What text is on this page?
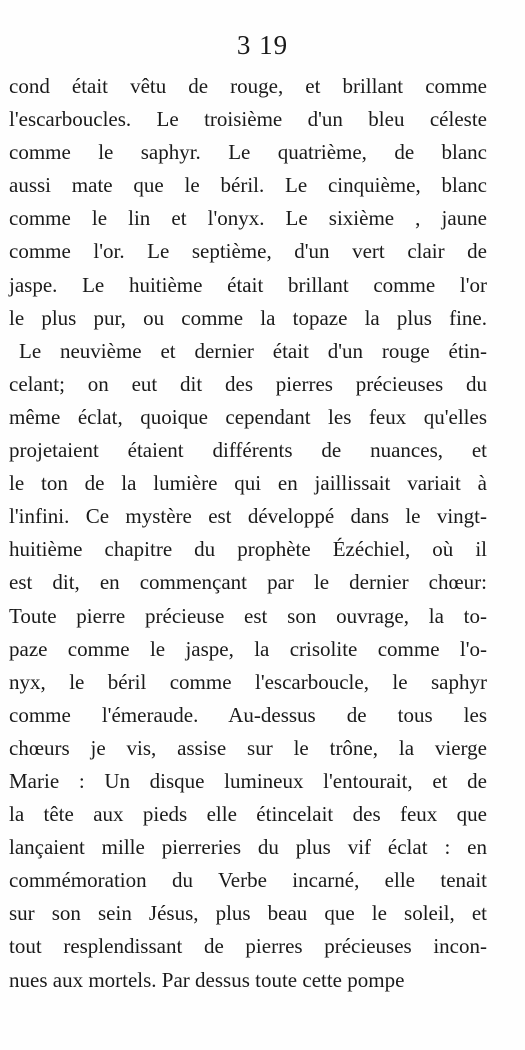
3 19
cond était vêtu de rouge, et brillant comme
l'escarboucles. Le troisième d'un bleu céleste
comme le saphyr. Le quatrième, de blanc
aussi mate que le béril. Le cinquième, blanc
comme le lin et l'onyx. Le sixième , jaune
comme l'or. Le septième, d'un vert clair de
jaspe. Le huitième était brillant comme l'or
le plus pur, ou comme la topaze la plus fine.
Le neuvième et dernier était d'un rouge étin-
celant; on eut dit des pierres précieuses du
même éclat, quoique cependant les feux qu'elles
projetaient étaient différents de nuances, et
le ton de la lumière qui en jaillissait variait à
l'infini. Ce mystère est développé dans le vingt-
huitième chapitre du prophète Ézéchiel, où il
est dit, en commençant par le dernier chœur:
Toute pierre précieuse est son ouvrage, la to-
paze comme le jaspe, la crisolite comme l'o-
nyx, le béril comme l'escarboucle, le saphyr
comme l'émeraude. Au-dessus de tous les
chœurs je vis, assise sur le trône, la vierge
Marie : Un disque lumineux l'entourait, et de
la tête aux pieds elle étincelait des feux que
lançaient mille pierreries du plus vif éclat : en
commémoration du Verbe incarné, elle tenait
sur son sein Jésus, plus beau que le soleil, et
tout resplendissant de pierres précieuses incon-
nues aux mortels. Par dessus toute cette pompe
